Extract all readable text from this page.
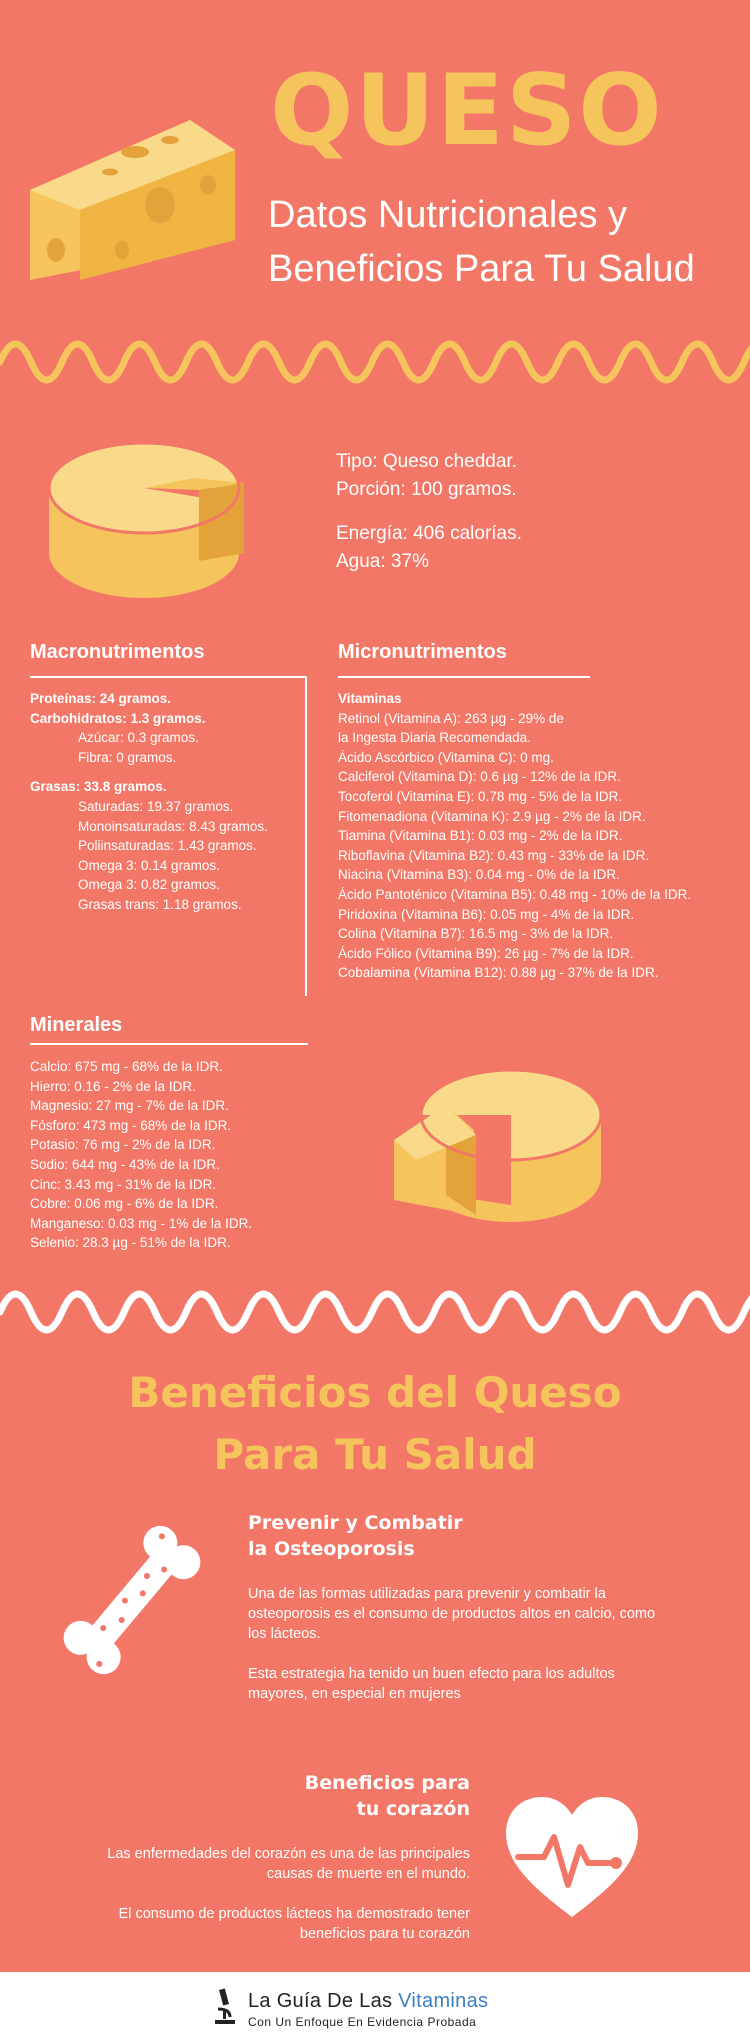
QUESO
Datos Nutricionales y
Beneficios Para Tu Salud
Tipo: Queso cheddar.
Porción: 100 gramos.
Energía: 406 calorías.
Agua: 37%
Macronutrimentos
Proteínas: 24 gramos.
Carbohidratos: 1.3 gramos.
Azúcar: 0.3 gramos.
Fibra: 0 gramos.
Grasas: 33.8 gramos.
Saturadas: 19.37 gramos.
Monoinsaturadas: 8.43 gramos.
Poliinsaturadas: 1.43 gramos.
Omega 3: 0.14 gramos.
Omega 3: 0.82 gramos.
Grasas trans: 1.18 gramos.
Micronutrimentos
Vitaminas
Retinol (Vitamina A): 263 µg - 29% de
la Ingesta Diaria Recomendada.
Ácido Ascórbico (Vitamina C): 0 mg.
Calciferol (Vitamina D): 0.6 µg - 12% de la IDR.
Tocoferol (Vitamina E): 0.78 mg - 5% de la IDR.
Fitomenadiona (Vitamina K): 2.9 µg - 2% de la IDR.
Tiamina (Vitamina B1): 0.03 mg - 2% de la IDR.
Riboflavina (Vitamina B2): 0.43 mg - 33% de la IDR.
Niacina (Vitamina B3): 0.04 mg - 0% de la IDR.
Ácido Pantoténico (Vitamina B5): 0.48 mg - 10% de la IDR.
Piridoxina (Vitamina B6): 0.05 mg - 4% de la IDR.
Colina (Vitamina B7): 16.5 mg - 3% de la IDR.
Ácido Fólico (Vitamina B9): 26 µg - 7% de la IDR.
Cobalamina (Vitamina B12): 0.88 µg - 37% de la IDR.
Minerales
Calcio: 675 mg - 68% de la IDR.
Hierro: 0.16 - 2% de la IDR.
Magnesio: 27 mg - 7% de la IDR.
Fósforo: 473 mg - 68% de la IDR.
Potasio: 76 mg - 2% de la IDR.
Sodio: 644 mg - 43% de la IDR.
Cinc: 3.43 mg - 31% de la IDR.
Cobre: 0.06 mg - 6% de la IDR.
Manganeso: 0.03 mg - 1% de la IDR.
Selenio: 28.3 µg - 51% de la IDR.
Beneficios del Queso
Para Tu Salud
Prevenir y Combatir
la Osteoporosis
Una de las formas utilizadas para prevenir y combatir la osteoporosis es el consumo de productos altos en calcio, como los lácteos.
Esta estrategia ha tenido un buen efecto para los adultos mayores, en especial en mujeres
Beneficios para
tu corazón
Las enfermedades del corazón es una de las principales causas de muerte en el mundo.
El consumo de productos lácteos ha demostrado tener beneficios para tu corazón
La Guía De Las Vitaminas
Con Un Enfoque En Evidencia Probada
